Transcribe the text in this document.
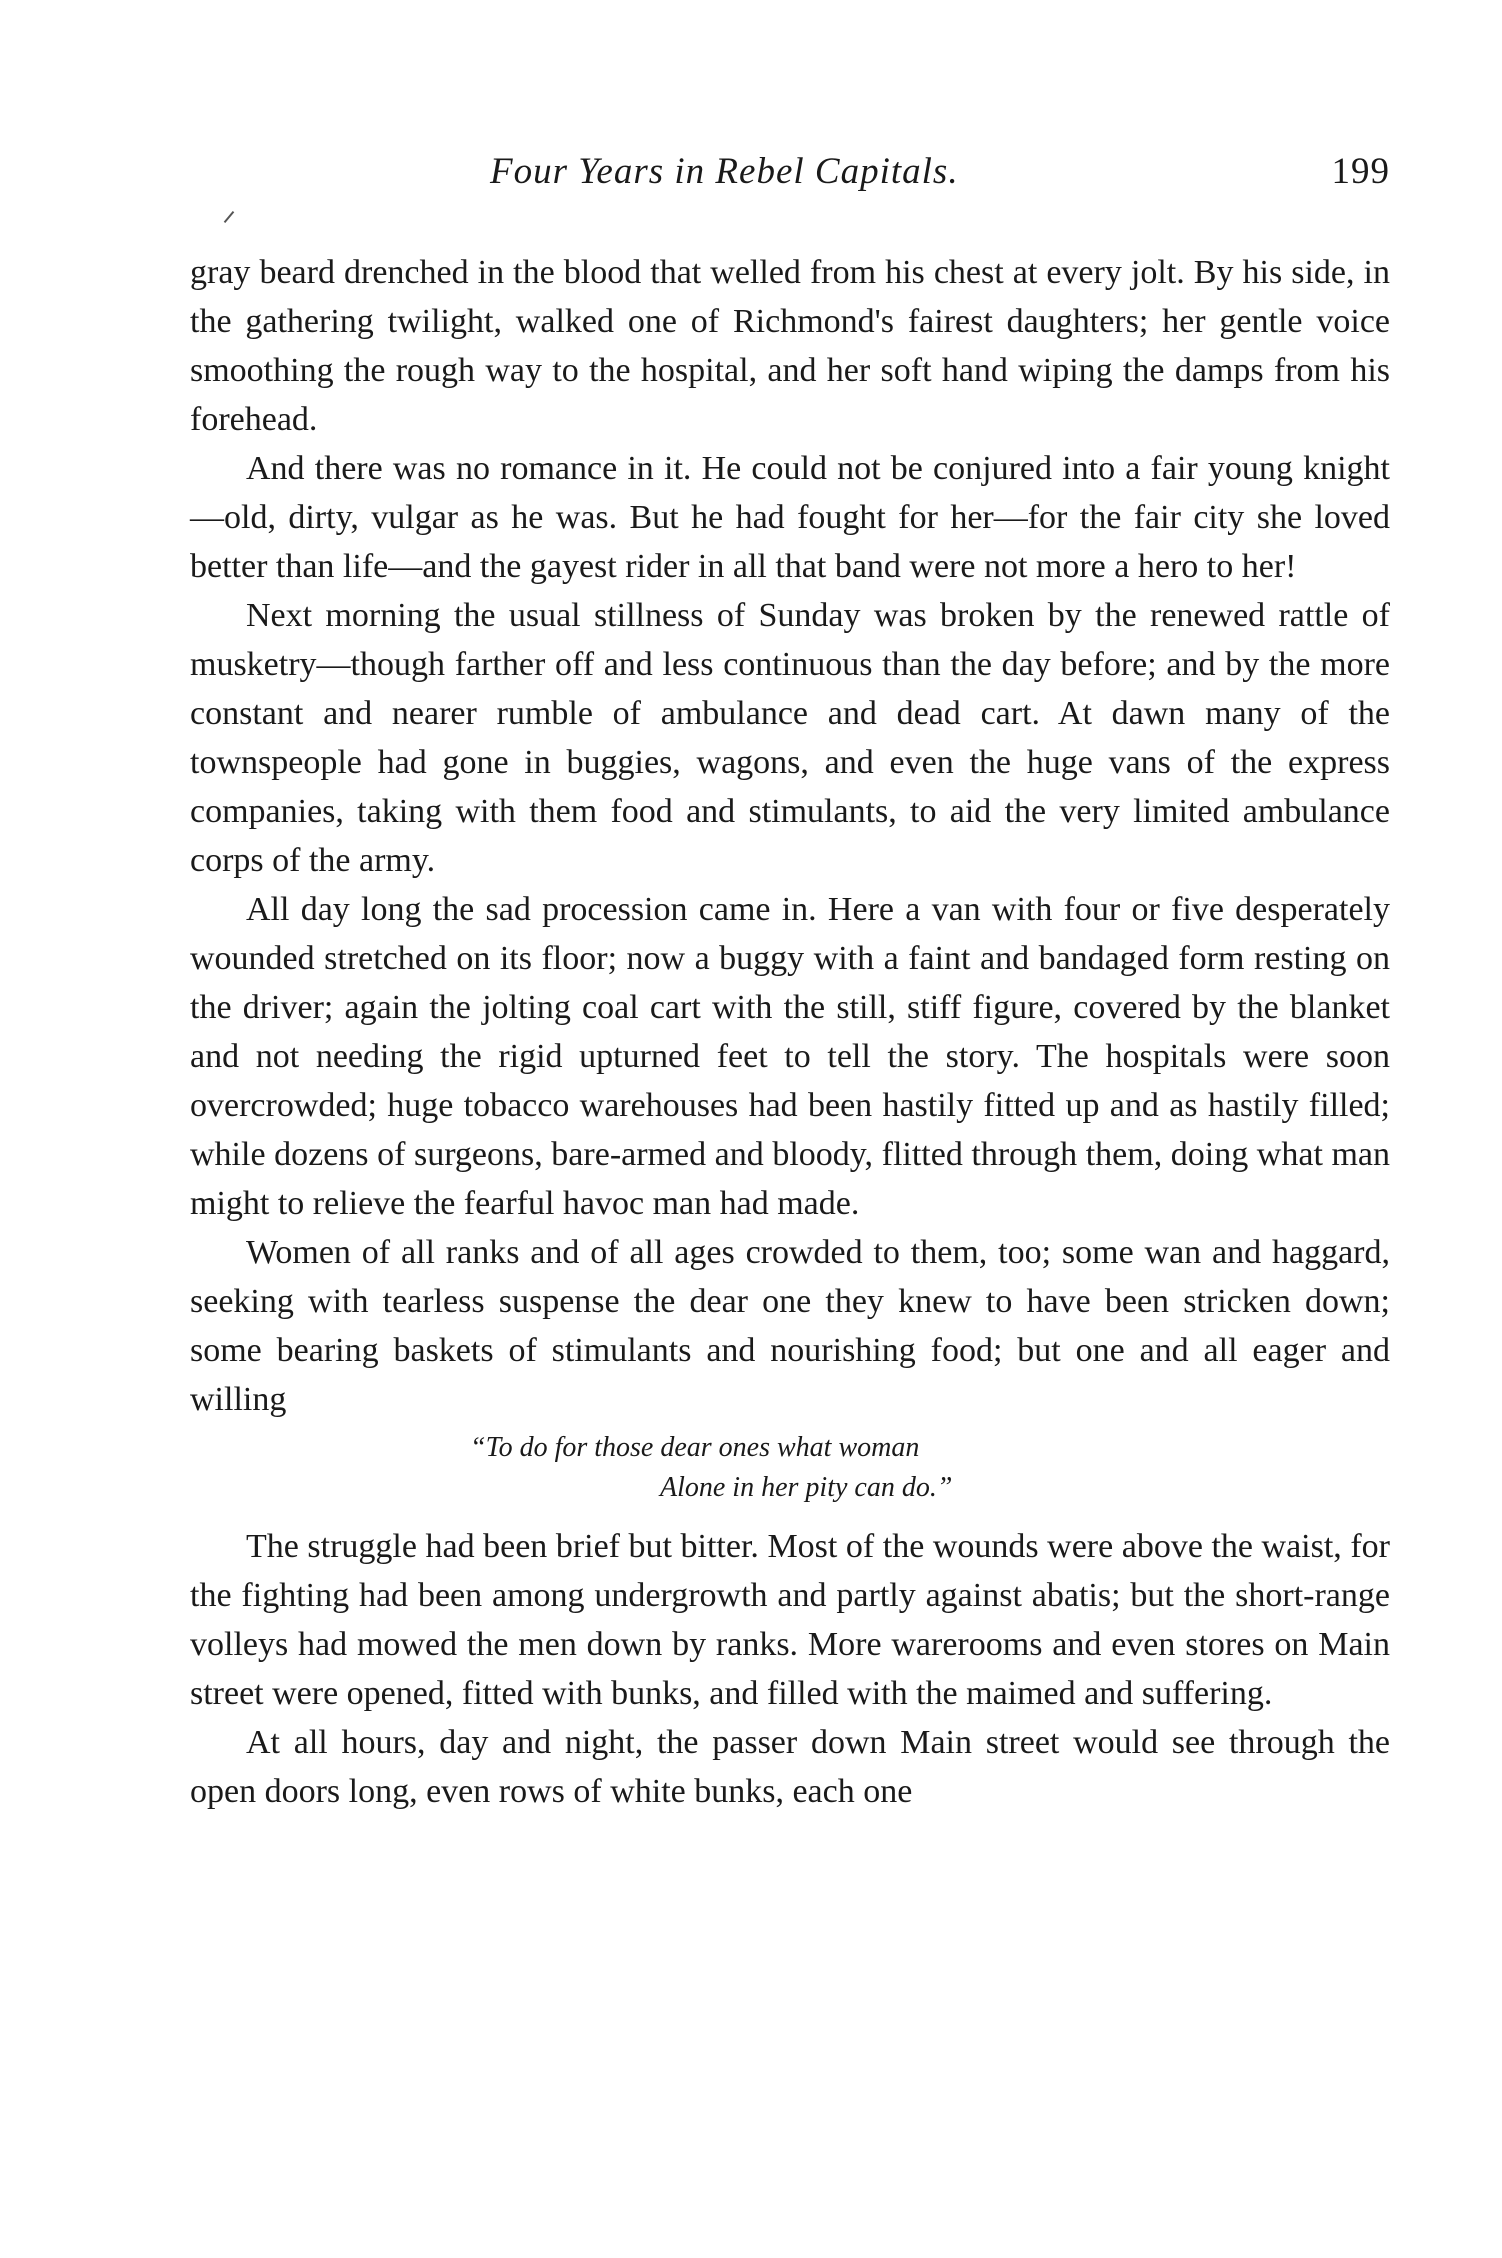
Four Years in Rebel Capitals.	199

gray beard drenched in the blood that welled from his chest at every jolt. By his side, in the gathering twilight, walked one of Richmond's fairest daughters; her gentle voice smoothing the rough way to the hospital, and her soft hand wiping the damps from his forehead.

And there was no romance in it. He could not be conjured into a fair young knight—old, dirty, vulgar as he was. But he had fought for her—for the fair city she loved better than life—and the gayest rider in all that band were not more a hero to her!

Next morning the usual stillness of Sunday was broken by the renewed rattle of musketry—though farther off and less continuous than the day before; and by the more constant and nearer rumble of ambulance and dead cart. At dawn many of the townspeople had gone in buggies, wagons, and even the huge vans of the express companies, taking with them food and stimulants, to aid the very limited ambulance corps of the army.

All day long the sad procession came in. Here a van with four or five desperately wounded stretched on its floor; now a buggy with a faint and bandaged form resting on the driver; again the jolting coal cart with the still, stiff figure, covered by the blanket and not needing the rigid upturned feet to tell the story. The hospitals were soon overcrowded; huge tobacco warehouses had been hastily fitted up and as hastily filled; while dozens of surgeons, bare-armed and bloody, flitted through them, doing what man might to relieve the fearful havoc man had made.

Women of all ranks and of all ages crowded to them, too; some wan and haggard, seeking with tearless suspense the dear one they knew to have been stricken down; some bearing baskets of stimulants and nourishing food; but one and all eager and willing

“To do for those dear ones what woman
Alone in her pity can do.”

The struggle had been brief but bitter. Most of the wounds were above the waist, for the fighting had been among undergrowth and partly against abatis; but the short-range volleys had mowed the men down by ranks. More warerooms and even stores on Main street were opened, fitted with bunks, and filled with the maimed and suffering.

At all hours, day and night, the passer down Main street would see through the open doors long, even rows of white bunks, each one
